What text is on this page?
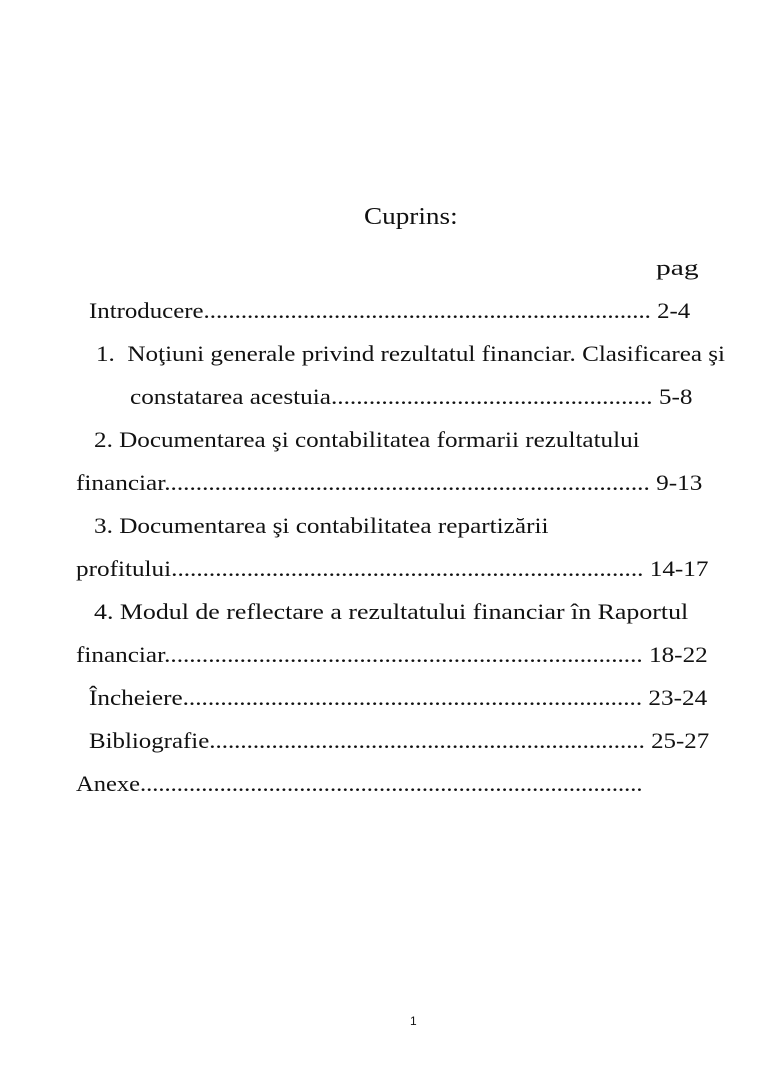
Cuprins:
pag
Introducere........................................................................ 2-4
1.  Noţiuni generale privind rezultatul financiar. Clasificarea şi
constatarea acestuia................................................... 5-8
2. Documentarea şi contabilitatea formarii rezultatului
financiar............................................................................. 9-13
3. Documentarea şi contabilitatea repartizării
profitului........................................................................... 14-17
4. Modul de reflectare a rezultatului financiar în Raportul
financiar............................................................................ 18-22
Încheiere......................................................................... 23-24
Bibliografie...................................................................... 25-27
Anexe..................................................................................
1
